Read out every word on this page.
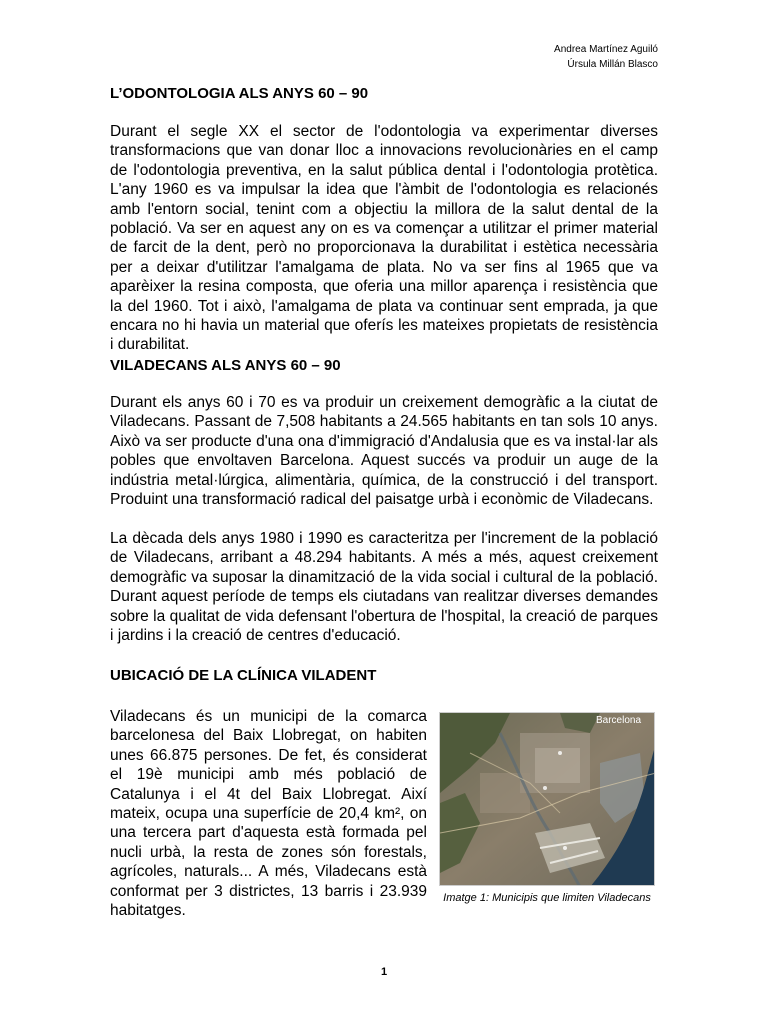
Andrea Martínez Aguiló
Úrsula Millán Blasco
L’ODONTOLOGIA ALS ANYS 60 – 90

Durant el segle XX el sector de l'odontologia va experimentar diverses transformacions que van donar lloc a innovacions revolucionàries en el camp de l'odontologia preventiva, en la salut pública dental i l'odontologia protètica. L'any 1960 es va impulsar la idea que l'àmbit de l'odontologia es relacionés amb l'entorn social, tenint com a objectiu la millora de la salut dental de la població. Va ser en aquest any on es va començar a utilitzar el primer material de farcit de la dent, però no proporcionava la durabilitat i estètica necessària per a deixar d'utilitzar l'amalgama de plata. No va ser fins al 1965 que va aparèixer la resina composta, que oferia una millor aparença i resistència que la del 1960. Tot i això, l'amalgama de plata va continuar sent emprada, ja que encara no hi havia un material que oferís les mateixes propietats de resistència i durabilitat.

VILADECANS ALS ANYS 60 – 90

Durant els anys 60 i 70 es va produir un creixement demogràfic a la ciutat de Viladecans. Passant de 7,508 habitants a 24.565 habitants en tan sols 10 anys. Això va ser producte d'una ona d'immigració d'Andalusia que es va instal·lar als pobles que envoltaven Barcelona. Aquest succés va produir un auge de la indústria metal·lúrgica, alimentària, química, de la construcció i del transport. Produint una transformació radical del paisatge urbà i econòmic de Viladecans.

La dècada dels anys 1980 i 1990 es caracteritza per l'increment de la població de Viladecans, arribant a 48.294 habitants. A més a més, aquest creixement demogràfic va suposar la dinamització de la vida social i cultural de la població. Durant aquest període de temps els ciutadans van realitzar diverses demandes sobre la qualitat de vida defensant l'obertura de l'hospital, la creació de parques i jardins i la creació de centres d'educació.

UBICACIÓ DE LA CLÍNICA VILADENT

Viladecans és un municipi de la comarca barcelonesa del Baix Llobregat, on habiten unes 66.875 persones. De fet, és considerat el 19è municipi amb més població de Catalunya i el 4t del Baix Llobregat. Així mateix, ocupa una superfície de 20,4 km², on una tercera part d'aquesta està formada pel nucli urbà, la resta de zones són forestals, agrícoles, naturals... A més, Viladecans està conformat per 3 districtes, 13 barris i 23.939 habitatges.

Barcelona
Imatge 1: Municipis que limiten Viladecans
1
